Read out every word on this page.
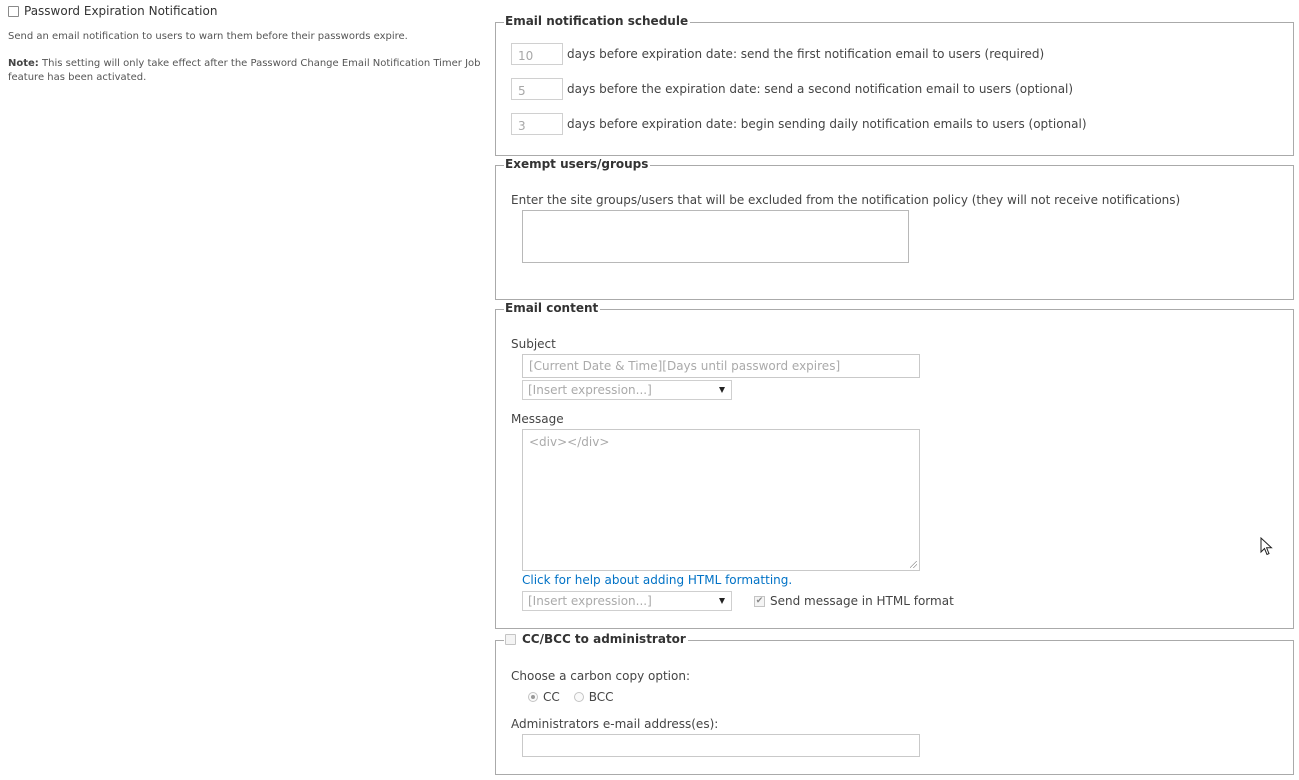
Password Expiration Notification
Send an email notification to users to warn them before their passwords expire.
Note: This setting will only take effect after the Password Change Email Notification Timer Job feature has been activated.
Email notification schedule
10	days before expiration date: send the first notification email to users (required)
5	days before the expiration date: send a second notification email to users (optional)
3	days before expiration date: begin sending daily notification emails to users (optional)
Exempt users/groups
Enter the site groups/users that will be excluded from the notification policy (they will not receive notifications)
Email content
Subject
[Current Date & Time][Days until password expires]
[Insert expression...]
Message
<div></div>
Click for help about adding HTML formatting.
[Insert expression...]	✔ Send message in HTML format
CC/BCC to administrator
Choose a carbon copy option:
CC BCC
Administrators e-mail address(es):
